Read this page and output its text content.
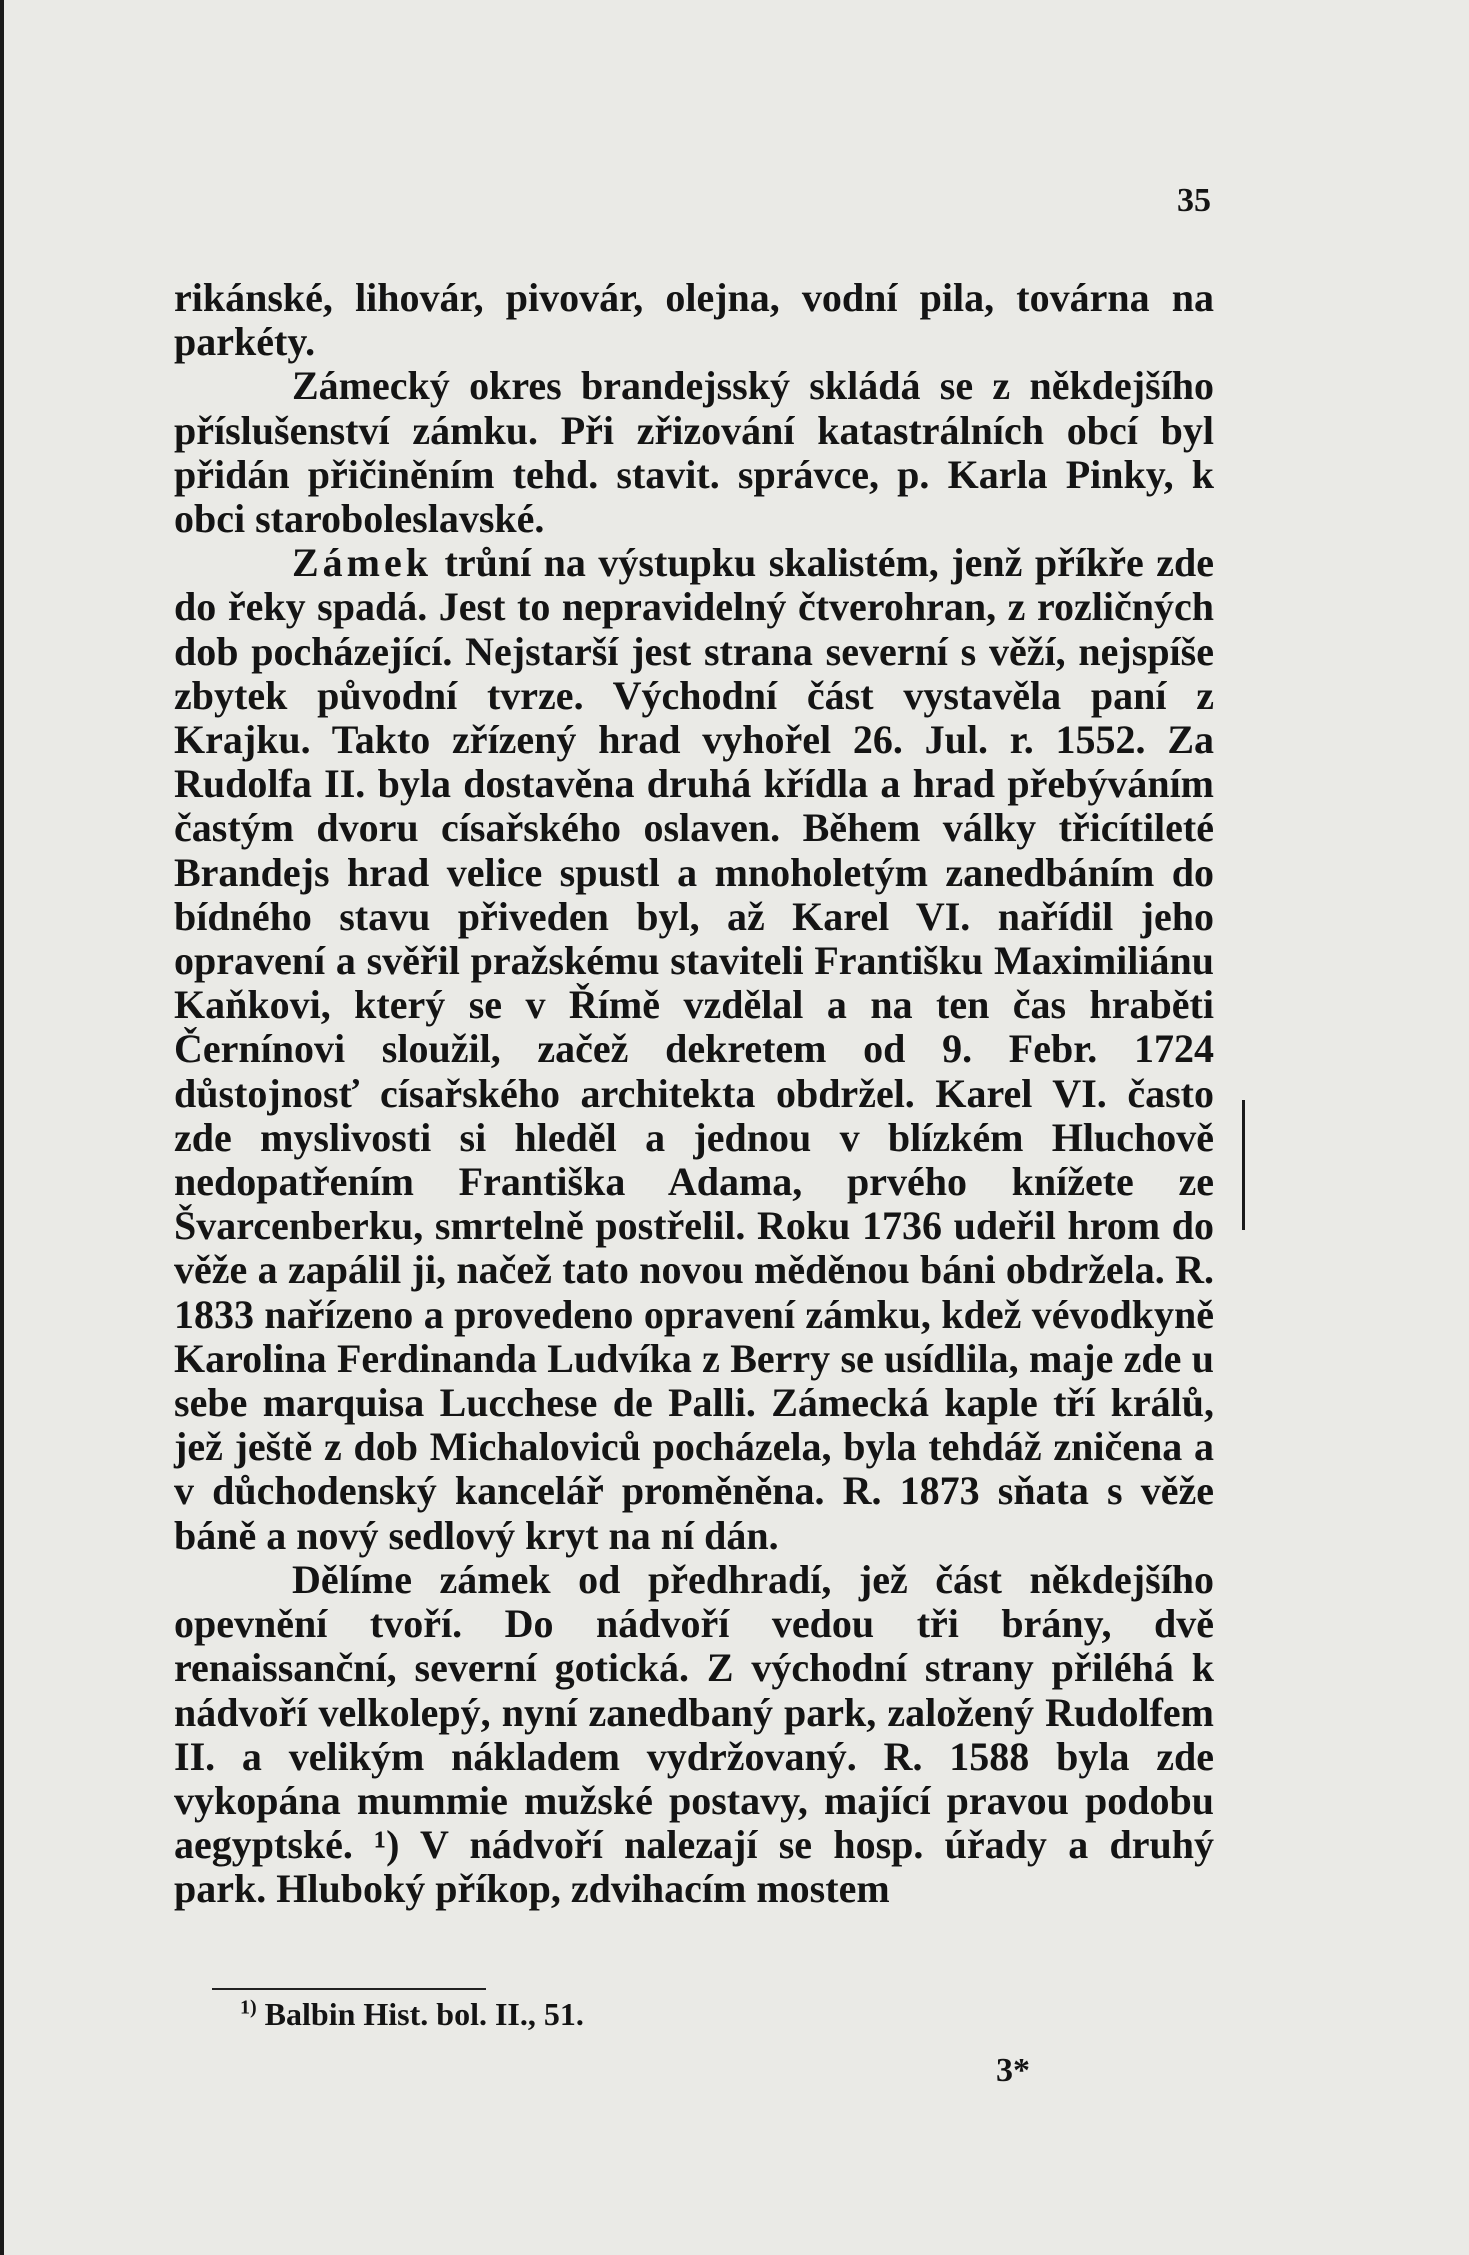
35

rikánské, lihovár, pivovár, olejna, vodní pila, továrna na parkéty.

Zámecký okres brandejsský skládá se z někdejšího příslušenství zámku. Při zřizování katastrálních obcí byl přidán přičiněním tehd. stavit. správce, p. Karla Pinky, k obci staroboleslavské.

Zámek trůní na výstupku skalistém, jenž příkře zde do řeky spadá. Jest to nepravidelný čtverohran, z rozličných dob pocházející. Nejstarší jest strana severní s věží, nejspíše zbytek původní tvrze. Východní část vystavěla paní z Krajku. Takto zřízený hrad vyhořel 26. Jul. r. 1552. Za Rudolfa II. byla dostavěna druhá křídla a hrad přebýváním častým dvoru císařského oslaven. Během války třicítileté Brandejs hrad velice spustl a mnoholetým zanedbáním do bídného stavu přiveden byl, až Karel VI. nařídil jeho opravení a svěřil pražskému staviteli Františku Maximiliánu Kaňkovi, který se v Římě vzdělal a na ten čas hraběti Černínovi sloužil, začež dekretem od 9. Febr. 1724 důstojnosť císařského architekta obdržel. Karel VI. často zde myslivosti si hleděl a jednou v blízkém Hluchově nedopatřením Františka Adama, prvého knížete ze Švarcenberku, smrtelně postřelil. Roku 1736 udeřil hrom do věže a zapálil ji, načež tato novou měděnou báni obdržela. R. 1833 nařízeno a provedeno opravení zámku, kdež vévodkyně Karolina Ferdinanda Ludvíka z Berry se usídlila, maje zde u sebe marquisa Lucchese de Palli. Zámecká kaple tří králů, jež ještě z dob Michaloviců pocházela, byla tehdáž zničena a v důchodenský kancelář proměněna. R. 1873 sňata s věže báně a nový sedlový kryt na ní dán.

Dělíme zámek od předhradí, jež část někdejšího opevnění tvoří. Do nádvoří vedou tři brány, dvě renaissanční, severní gotická. Z východní strany přiléhá k nádvoří velkolepý, nyní zanedbaný park, založený Rudolfem II. a velikým nákladem vydržovaný. R. 1588 byla zde vykopána mummie mužské postavy, mající pravou podobu aegyptské. ¹) V nádvoří nalezají se hosp. úřady a druhý park. Hluboký příkop, zdvihacím mostem

$^{1)}$ Balbin Hist. bol. II., 51.

3*
